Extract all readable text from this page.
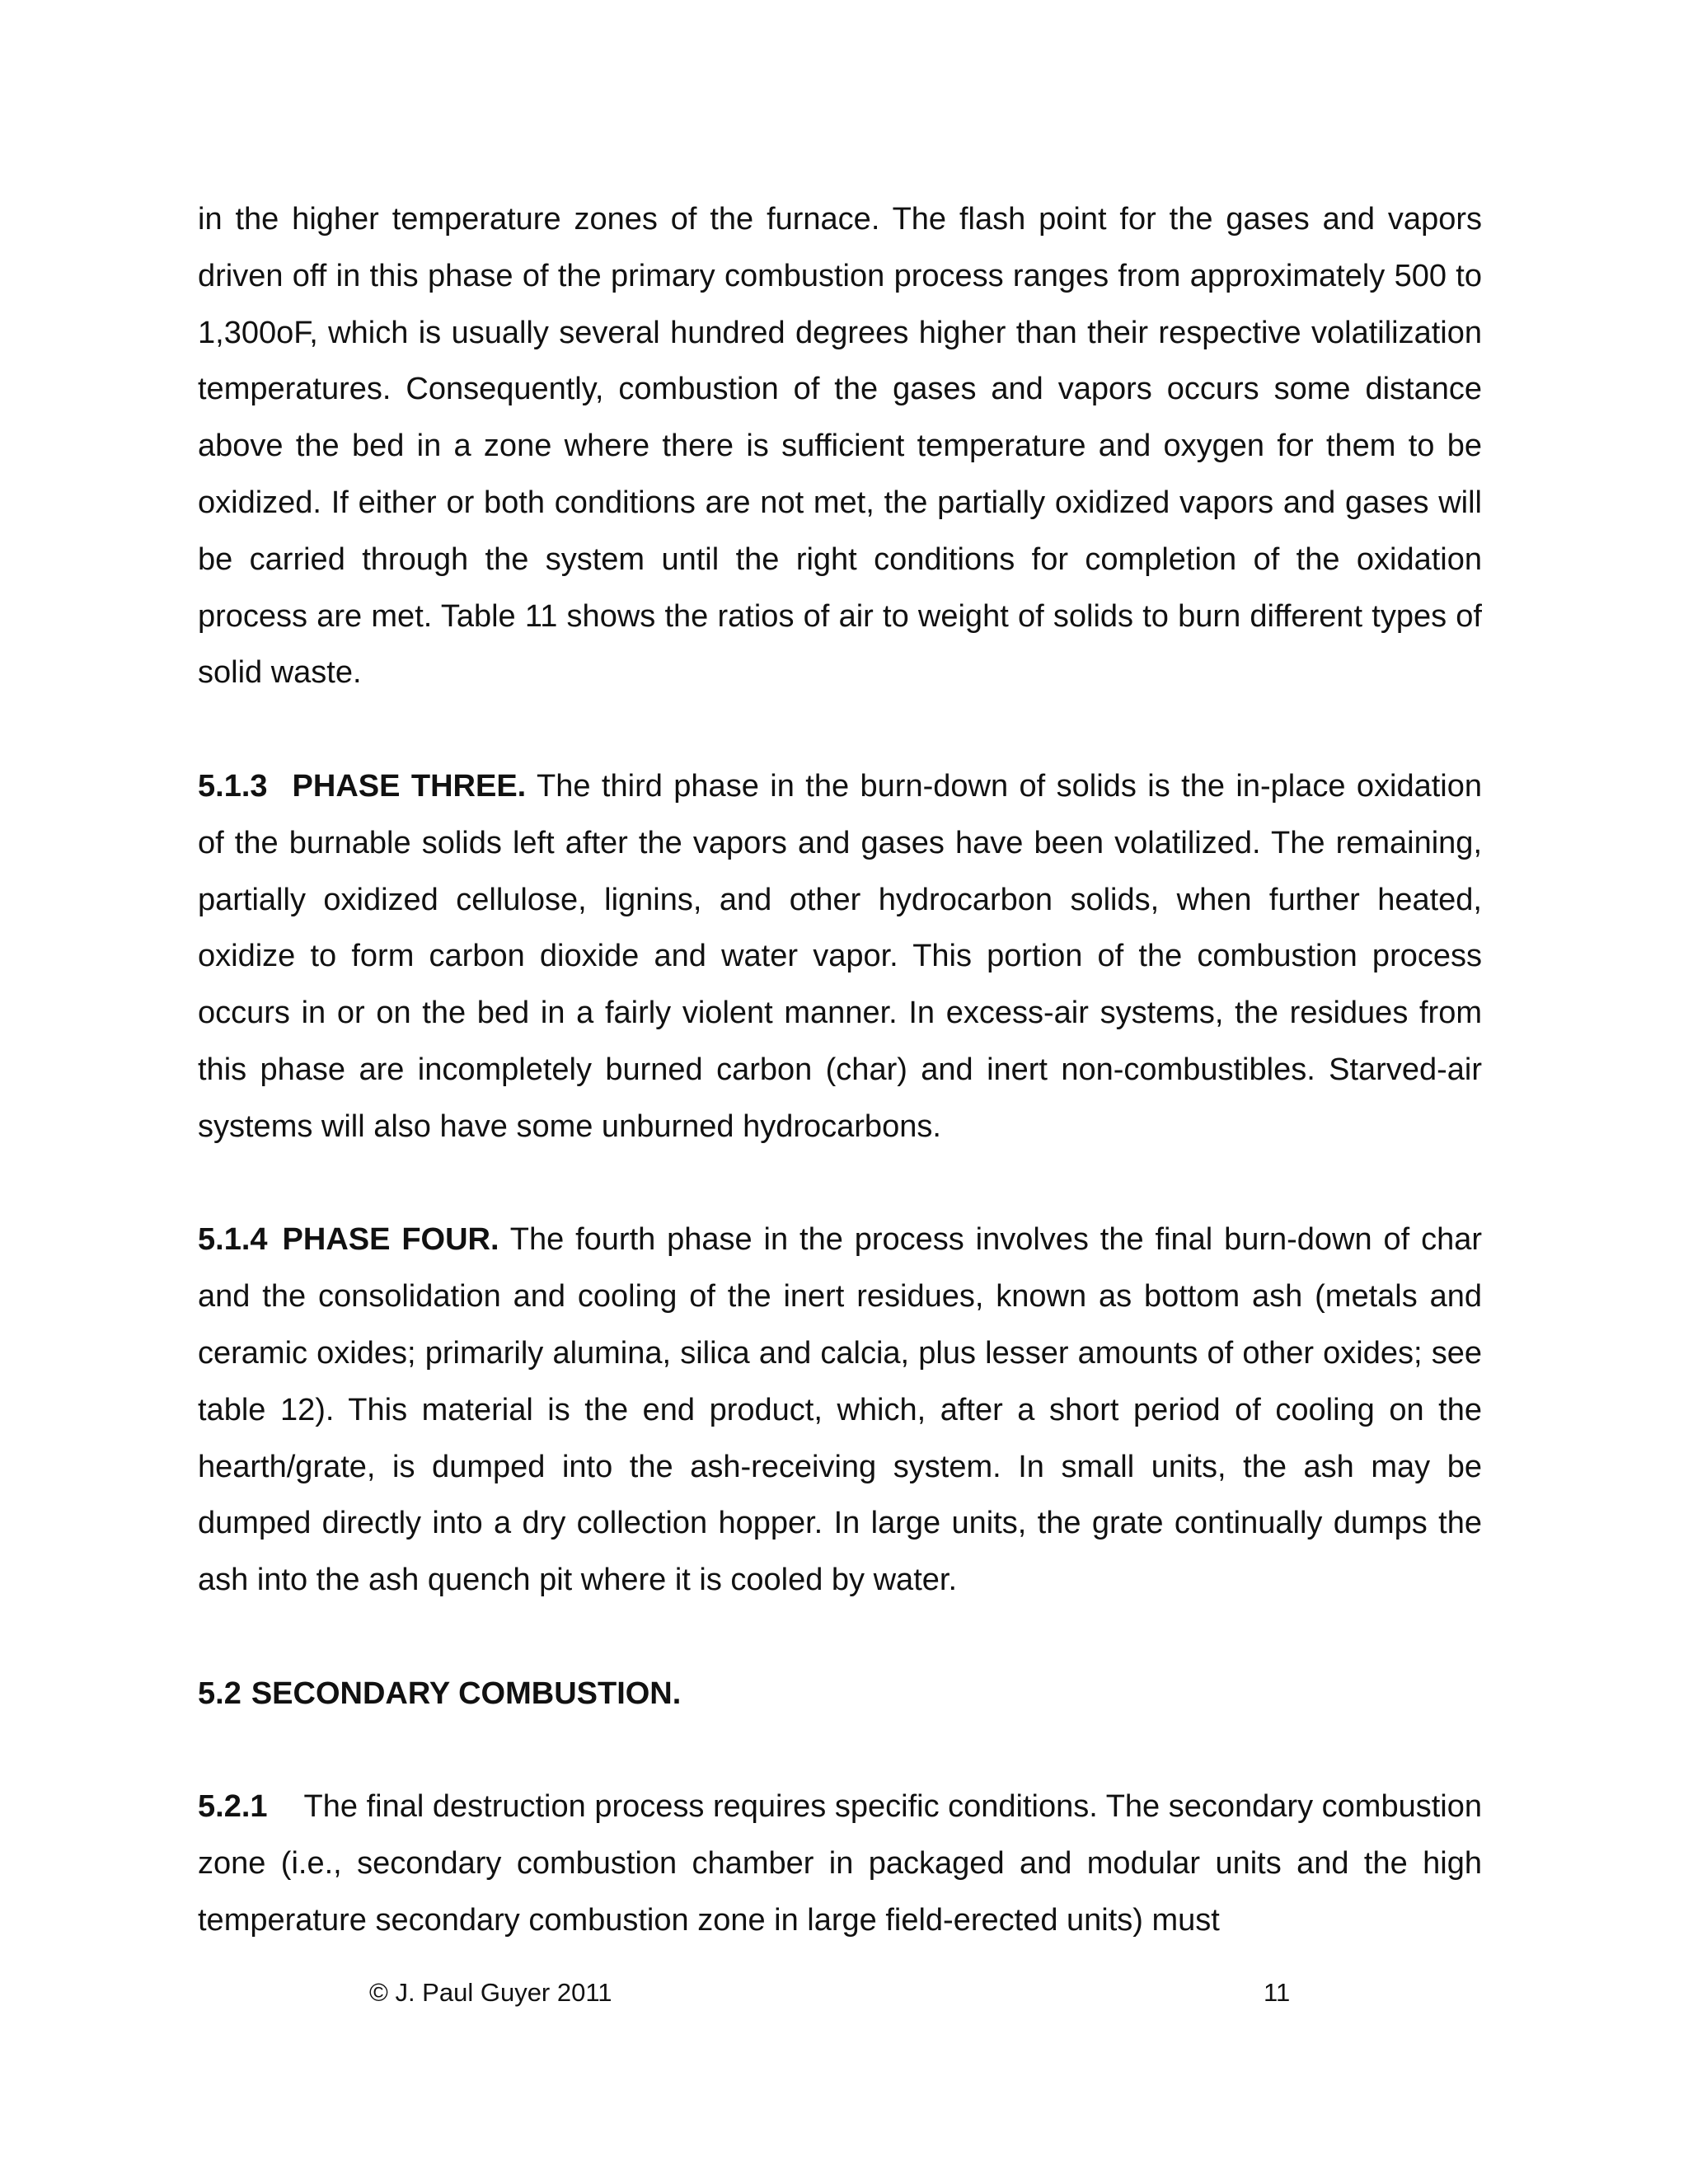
in the higher temperature zones of the furnace. The flash point for the gases and vapors driven off in this phase of the primary combustion process ranges from approximately 500 to 1,300oF, which is usually several hundred degrees higher than their respective volatilization temperatures. Consequently, combustion of the gases and vapors occurs some distance above the bed in a zone where there is sufficient temperature and oxygen for them to be oxidized. If either or both conditions are not met, the partially oxidized vapors and gases will be carried through the system until the right conditions for completion of the oxidation process are met. Table 11 shows the ratios of air to weight of solids to burn different types of solid waste.

5.1.3 PHASE THREE. The third phase in the burn-down of solids is the in-place oxidation of the burnable solids left after the vapors and gases have been volatilized. The remaining, partially oxidized cellulose, lignins, and other hydrocarbon solids, when further heated, oxidize to form carbon dioxide and water vapor. This portion of the combustion process occurs in or on the bed in a fairly violent manner. In excess-air systems, the residues from this phase are incompletely burned carbon (char) and inert non-combustibles. Starved-air systems will also have some unburned hydrocarbons.

5.1.4 PHASE FOUR. The fourth phase in the process involves the final burn-down of char and the consolidation and cooling of the inert residues, known as bottom ash (metals and ceramic oxides; primarily alumina, silica and calcia, plus lesser amounts of other oxides; see table 12). This material is the end product, which, after a short period of cooling on the hearth/grate, is dumped into the ash-receiving system. In small units, the ash may be dumped directly into a dry collection hopper. In large units, the grate continually dumps the ash into the ash quench pit where it is cooled by water.

5.2 SECONDARY COMBUSTION.

5.2.1 The final destruction process requires specific conditions. The secondary combustion zone (i.e., secondary combustion chamber in packaged and modular units and the high temperature secondary combustion zone in large field-erected units) must

© J. Paul Guyer 2011	11
